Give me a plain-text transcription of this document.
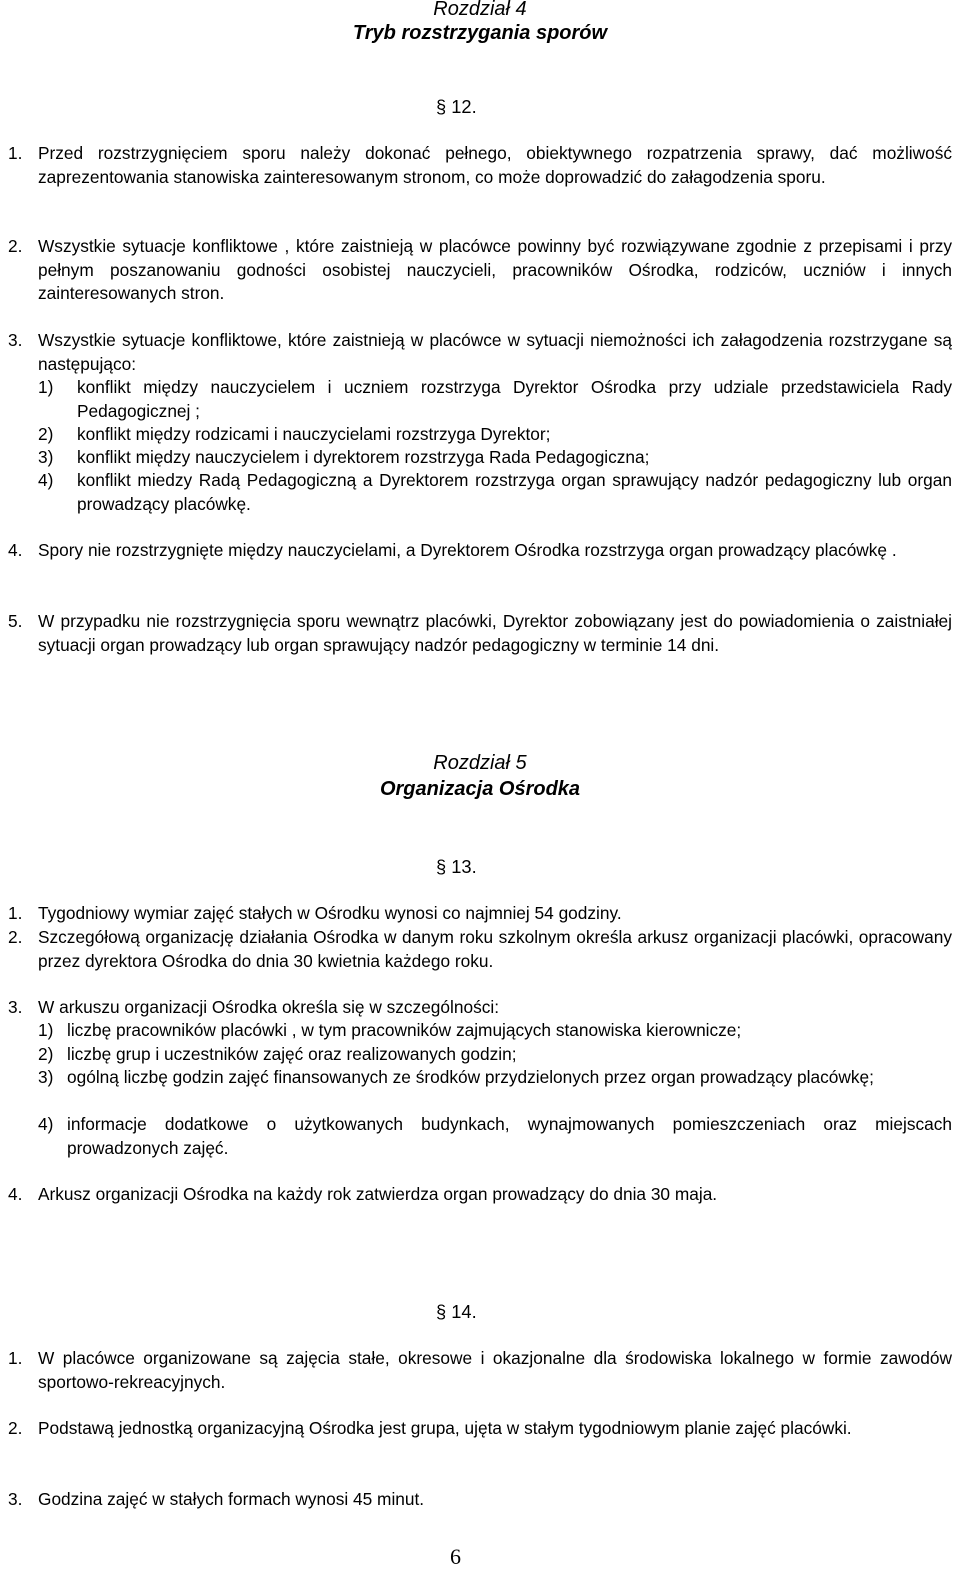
Rozdział 4
Tryb rozstrzygania sporów
§ 12.
1. Przed rozstrzygnięciem sporu należy dokonać pełnego, obiektywnego rozpatrzenia sprawy, dać możliwość zaprezentowania stanowiska zainteresowanym stronom, co może doprowadzić do załagodzenia sporu.
2. Wszystkie sytuacje konfliktowe , które zaistnieją w placówce powinny być rozwiązywane zgodnie z przepisami i przy pełnym poszanowaniu godności osobistej nauczycieli, pracowników Ośrodka, rodziców, uczniów i innych zainteresowanych stron.
3. Wszystkie sytuacje konfliktowe, które zaistnieją w placówce w sytuacji niemożności ich załagodzenia rozstrzygane są następująco:
1) konflikt między nauczycielem i uczniem rozstrzyga Dyrektor Ośrodka przy udziale przedstawiciela Rady Pedagogicznej ;
2) konflikt między rodzicami i nauczycielami rozstrzyga Dyrektor;
3) konflikt między nauczycielem i dyrektorem rozstrzyga Rada Pedagogiczna;
4) konflikt miedzy Radą Pedagogiczną a Dyrektorem rozstrzyga organ sprawujący nadzór pedagogiczny lub organ prowadzący placówkę.
4. Spory nie rozstrzygnięte między nauczycielami, a Dyrektorem Ośrodka rozstrzyga organ prowadzący placówkę .
5. W przypadku nie rozstrzygnięcia sporu wewnątrz placówki, Dyrektor zobowiązany jest do powiadomienia o zaistniałej sytuacji organ prowadzący lub organ sprawujący nadzór pedagogiczny w terminie 14 dni.
Rozdział 5
Organizacja Ośrodka
§ 13.
1. Tygodniowy wymiar zajęć stałych w Ośrodku wynosi co najmniej 54 godziny.
2. Szczegółową organizację działania Ośrodka w danym roku szkolnym określa arkusz organizacji placówki, opracowany przez dyrektora Ośrodka do dnia 30 kwietnia każdego roku.
3. W arkuszu organizacji Ośrodka określa się w szczególności:
1) liczbę pracowników placówki , w tym pracowników zajmujących stanowiska kierownicze;
2) liczbę grup i uczestników zajęć oraz realizowanych godzin;
3) ogólną liczbę godzin zajęć finansowanych ze środków przydzielonych przez organ prowadzący placówkę;
4) informacje dodatkowe o użytkowanych budynkach, wynajmowanych pomieszczeniach oraz miejscach prowadzonych zajęć.
4. Arkusz organizacji Ośrodka na każdy rok zatwierdza organ prowadzący do dnia 30 maja.
§ 14.
1. W placówce organizowane są zajęcia stałe, okresowe i okazjonalne dla środowiska lokalnego w formie zawodów sportowo-rekreacyjnych.
2. Podstawą jednostką organizacyjną Ośrodka jest grupa, ujęta w stałym tygodniowym planie zajęć placówki.
3. Godzina zajęć w stałych formach wynosi 45 minut.
6
